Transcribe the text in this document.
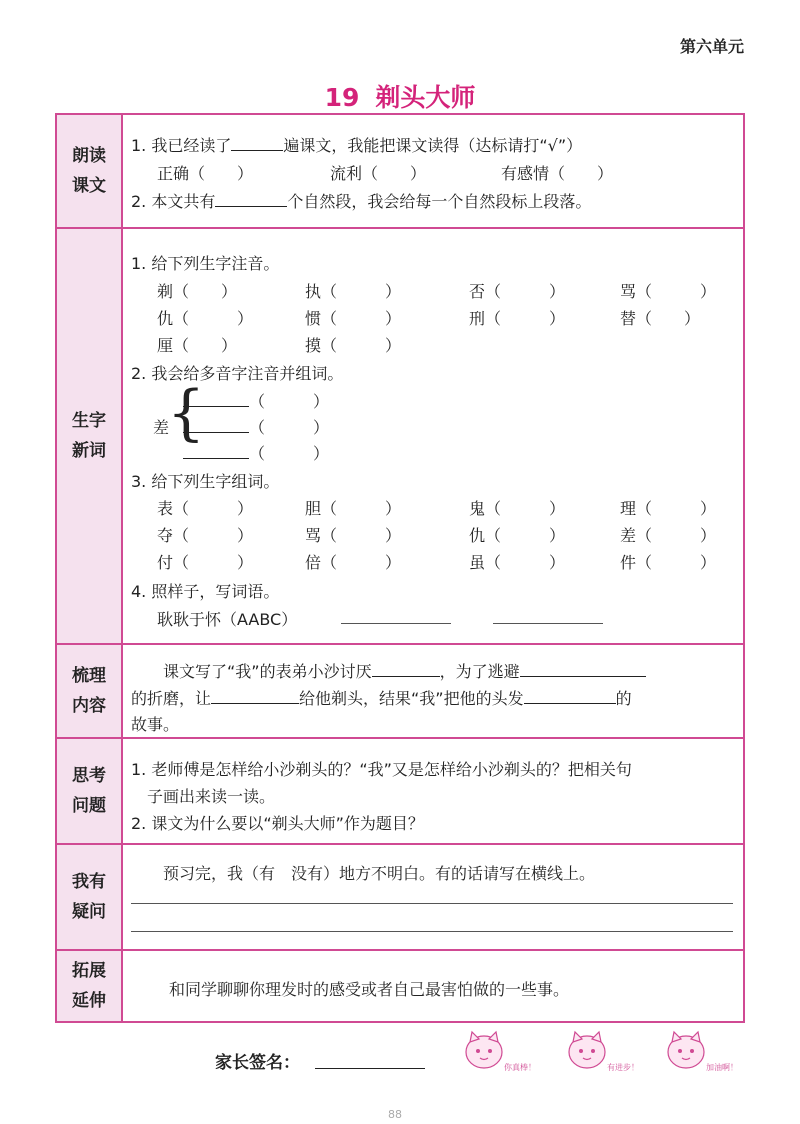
第六单元
19 剃头大师
朗读
课文
1. 我已经读了	遍课文，我能把课文读得（达标请打“√”）
正确（　　）	流利（　　）	有感情（　　）
2. 本文共有	个自然段，我会给每一个自然段标上段落。
生字
新词
1. 给下列生字注音。
剃（　　）	执（　　　）	否（　　　）	骂（　　　）
仇（　　　）	惯（　　　）	刑（　　　）	替（　　）
厘（　　）	摸（　　　）
2. 我会给多音字注音并组词。
差
{	（　　　）
（　　　）
（　　　）
3. 给下列生字组词。
表（　　　）	胆（　　　）	鬼（　　　）	理（　　　）
夺（　　　）	骂（　　　）	仇（　　　）	差（　　　）
付（　　　）	倍（　　　）	虽（　　　）	件（　　　）
4. 照样子，写词语。
耿耿于怀（AABC）
梳理
内容
课文写了“我”的表弟小沙讨厌	，为了逃避
的折磨，让	给他剃头，结果“我”把他的头发	的
故事。
思考
问题
1. 老师傅是怎样给小沙剃头的？“我”又是怎样给小沙剃头的？把相关句
子画出来读一读。
2. 课文为什么要以“剃头大师”作为题目？
我有
疑问
预习完，我（有　没有）地方不明白。有的话请写在横线上。
拓展
延伸
和同学聊聊你理发时的感受或者自己最害怕做的一些事。
家长签名：	你真棒！	有进步！	加油啊！
88
